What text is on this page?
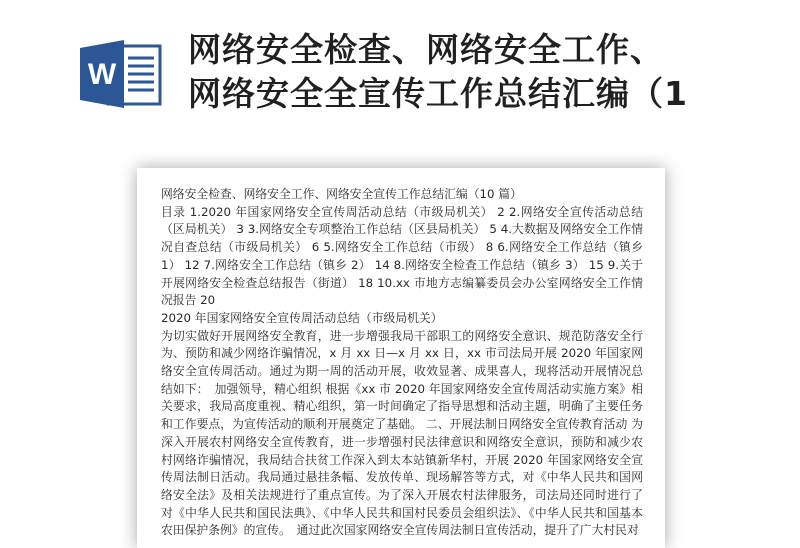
W
网络安全检查、网络安全工作、
网络安全全宣传工作总结汇编（1

网络安全检查、网络安全工作、网络安全宣传工作总结汇编（10 篇）

目录 1.2020 年国家网络安全宣传周活动总结（市级局机关） 2 2.网络安全宣传活动总结（区局机关） 3 3.网络安全专项整治工作总结（区县局机关） 5 4.大数据及网络安全工作情况自查总结（市级局机关） 6 5.网络安全工作总结（市级） 8 6.网络安全工作总结（镇乡 1） 12 7.网络安全工作总结（镇乡 2） 14 8.网络安全检查工作总结（镇乡 3） 15 9.关于开展网络安全检查总结报告（街道） 18 10.xx 市地方志编纂委员会办公室网络安全工作情况报告 20

2020 年国家网络安全宣传周活动总结（市级局机关）

为切实做好开展网络安全教育，进一步增强我局干部职工的网络安全意识、规范防落安全行为、预防和减少网络诈骗情况，x 月 xx 日—x 月 xx 日，xx 市司法局开展 2020 年国家网络安全宣传周活动。通过为期一周的活动开展，收效显著、成果喜人，现将活动开展情况总结如下：　加强领导，精心组织 根据《xx 市 2020 年国家网络安全宣传周活动实施方案》相关要求，我局高度重视、精心组织，第一时间确定了指导思想和活动主题，明确了主要任务和工作要点，为宣传活动的顺利开展奠定了基础。 二、开展法制日网络安全宣传教育活动 为深入开展农村网络安全宣传教育，进一步增强村民法律意识和网络安全意识，预防和减少农村网络诈骗情况，我局结合扶贫工作深入到太本站镇新华村，开展 2020 年国家网络安全宣传周法制日活动。我局通过悬挂条幅、发放传单、现场解答等方式，对《中华人民共和国网络安全法》及相关法规进行了重点宣传。为了深入开展农村法律服务，司法局还同时进行了对《中华人民共和国民法典》、《中华人民共和国村民委员会组织法》、《中华人民共和国基本农田保护条例》的宣传。　通过此次国家网络安全宣传周法制日宣传活动，提升了广大村民对
